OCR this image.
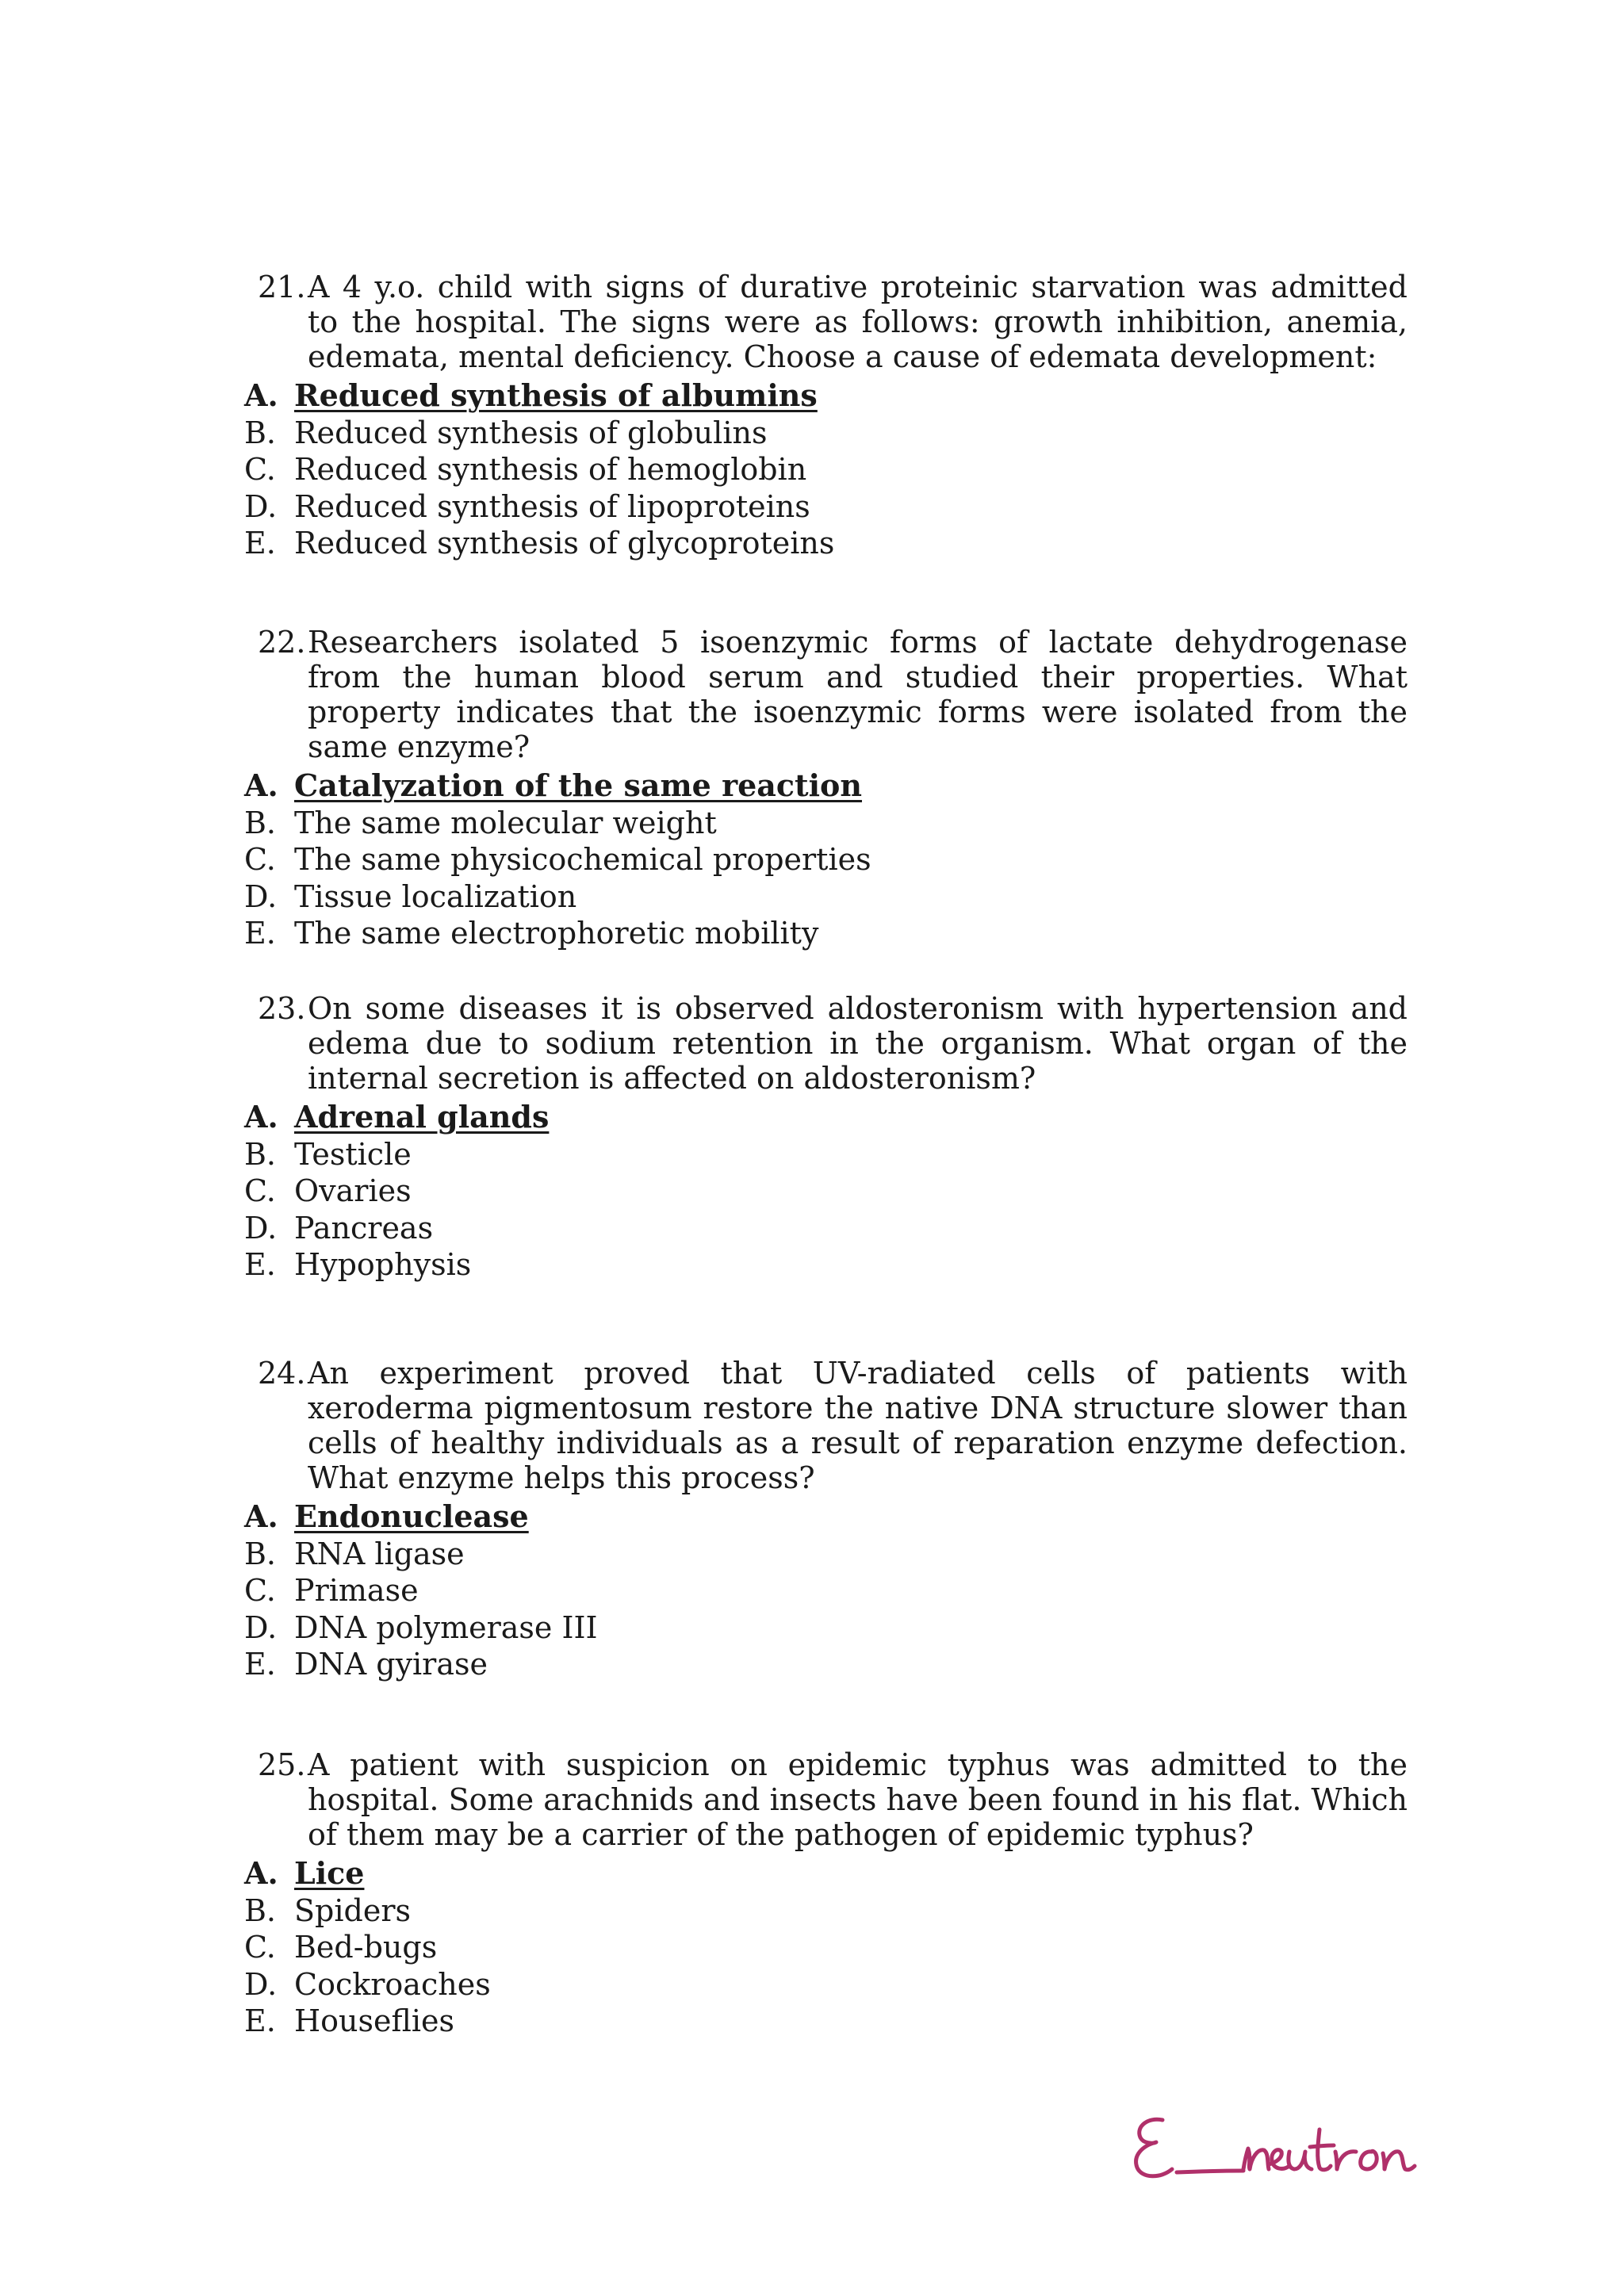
21. A 4 y.o. child with signs of durative proteinic starvation was admitted to the hospital. The signs were as follows: growth inhibition, anemia, edemata, mental deficiency. Choose a cause of edemata development:
A. Reduced synthesis of albumins
B. Reduced synthesis of globulins
C. Reduced synthesis of hemoglobin
D. Reduced synthesis of lipoproteins
E. Reduced synthesis of glycoproteins
22. Researchers isolated 5 isoenzymic forms of lactate dehydrogenase from the human blood serum and studied their properties. What property indicates that the isoenzymic forms were isolated from the same enzyme?
A. Catalyzation of the same reaction
B. The same molecular weight
C. The same physicochemical properties
D. Tissue localization
E. The same electrophoretic mobility
23. On some diseases it is observed aldosteronism with hypertension and edema due to sodium retention in the organism. What organ of the internal secretion is affected on aldosteronism?
A. Adrenal glands
B. Testicle
C. Ovaries
D. Pancreas
E. Hypophysis
24. An experiment proved that UV-radiated cells of patients with xeroderma pigmentosum restore the native DNA structure slower than cells of healthy individuals as a result of reparation enzyme defection. What enzyme helps this process?
A. Endonuclease
B. RNA ligase
C. Primase
D. DNA polymerase III
E. DNA gyirase
25. A patient with suspicion on epidemic typhus was admitted to the hospital. Some arachnids and insects have been found in his flat. Which of them may be a carrier of the pathogen of epidemic typhus?
A. Lice
B. Spiders
C. Bed-bugs
D. Cockroaches
E. Houseflies
